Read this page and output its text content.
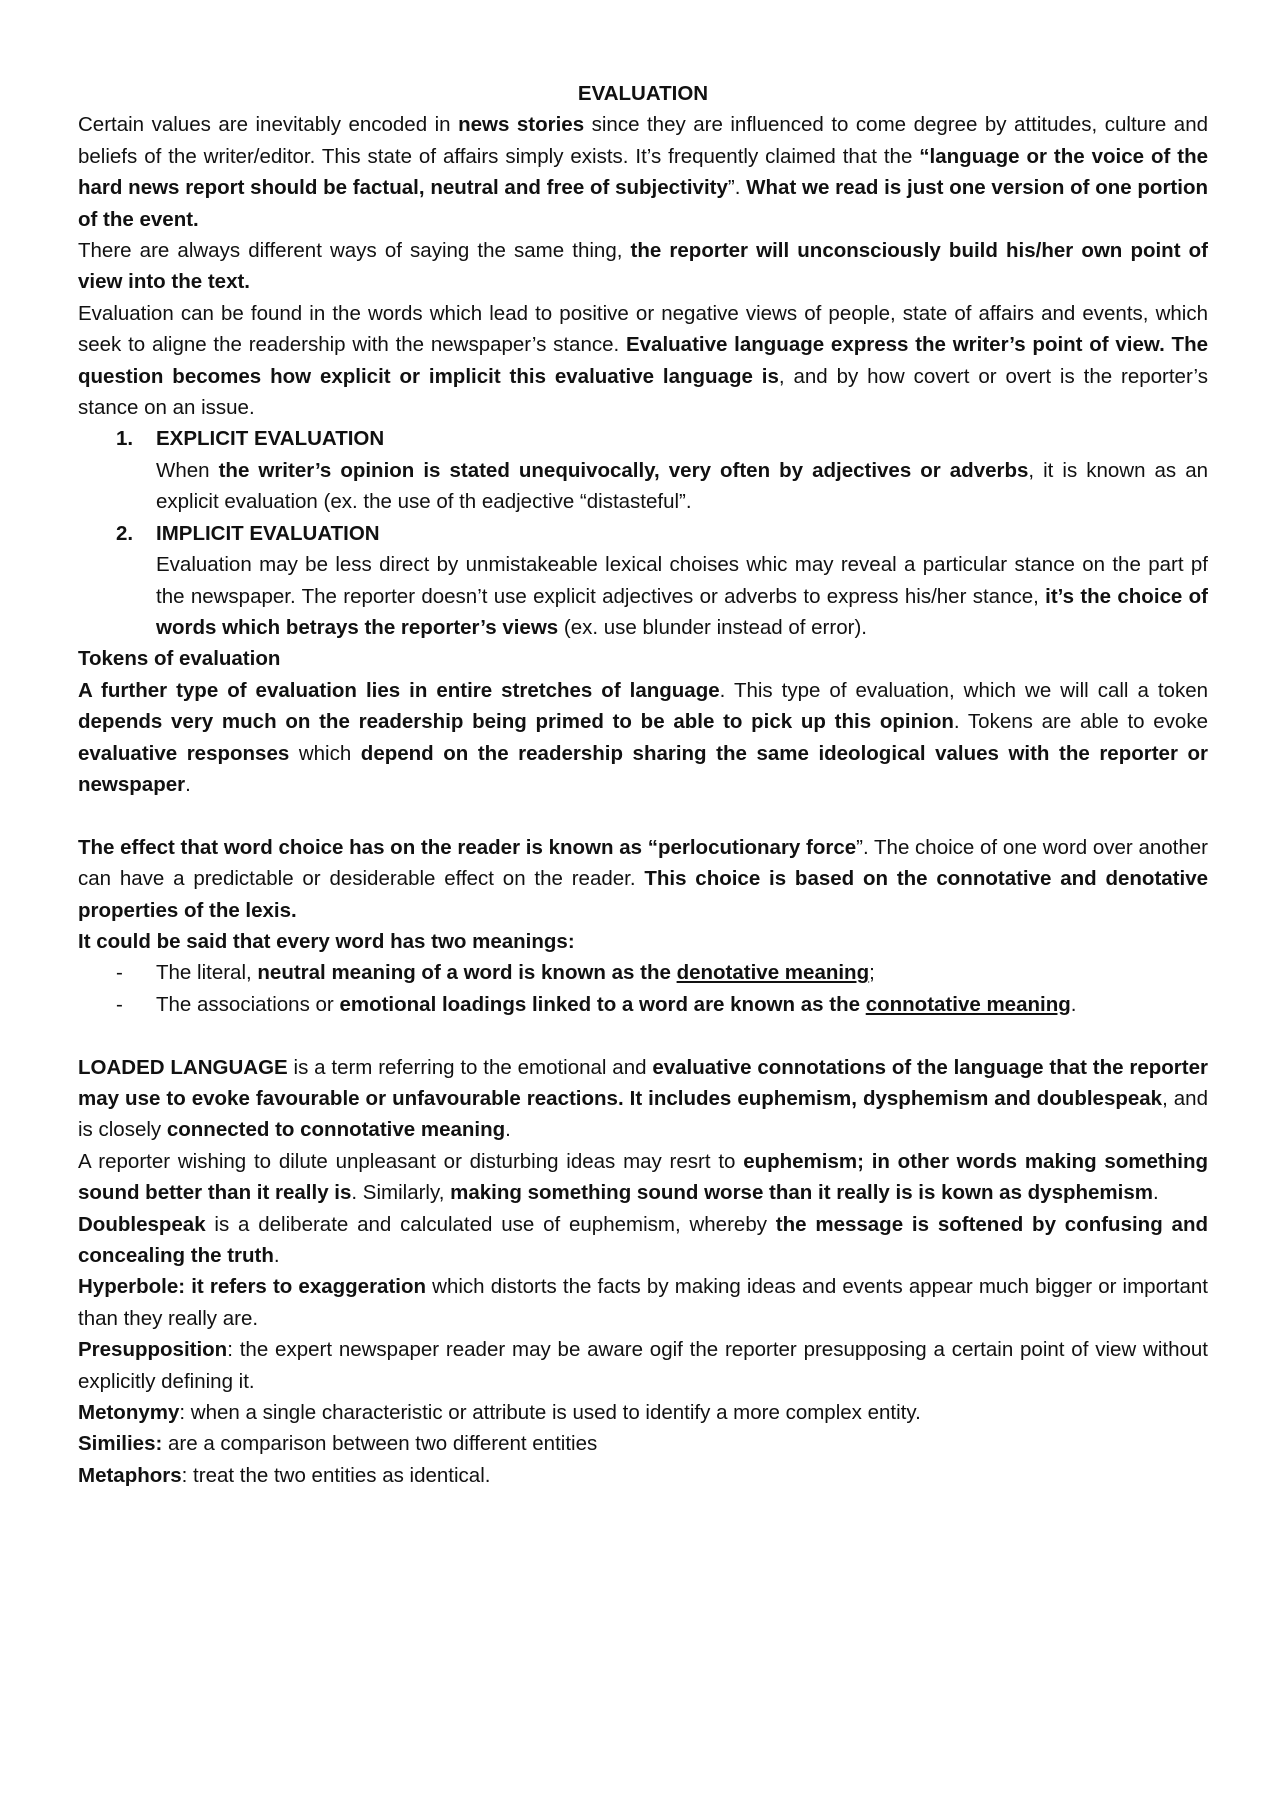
EVALUATION

Certain values are inevitably encoded in news stories since they are influenced to come degree by attitudes, culture and beliefs of the writer/editor. This state of affairs simply exists. It’s frequently claimed that the “language or the voice of the hard news report should be factual, neutral and free of subjectivity”. What we read is just one version of one portion of the event.

There are always different ways of saying the same thing, the reporter will unconsciously build his/her own point of view into the text.

Evaluation can be found in the words which lead to positive or negative views of people, state of affairs and events, which seek to aligne the readership with the newspaper’s stance. Evaluative language express the writer’s point of view. The question becomes how explicit or implicit this evaluative language is, and by how covert or overt is the reporter’s stance on an issue.

1. EXPLICIT EVALUATION
When the writer’s opinion is stated unequivocally, very often by adjectives or adverbs, it is known as an explicit evaluation (ex. the use of th eadjective “distasteful”.
2. IMPLICIT EVALUATION
Evaluation may be less direct by unmistakeable lexical choises whic may reveal a particular stance on the part pf the newspaper. The reporter doesn’t use explicit adjectives or adverbs to express his/her stance, it’s the choice of words which betrays the reporter’s views (ex. use blunder instead of error).

Tokens of evaluation

A further type of evaluation lies in entire stretches of language. This type of evaluation, which we will call a token depends very much on the readership being primed to be able to pick up this opinion. Tokens are able to evoke evaluative responses which depend on the readership sharing the same ideological values with the reporter or newspaper.

The effect that word choice has on the reader is known as “perlocutionary force”. The choice of one word over another can have a predictable or desiderable effect on the reader. This choice is based on the connotative and denotative properties of the lexis.

It could be said that every word has two meanings:

- The literal, neutral meaning of a word is known as the denotative meaning;
- The associations or emotional loadings linked to a word are known as the connotative meaning.

LOADED LANGUAGE is a term referring to the emotional and evaluative connotations of the language that the reporter may use to evoke favourable or unfavourable reactions. It includes euphemism, dysphemism and doublespeak, and is closely connected to connotative meaning.

A reporter wishing to dilute unpleasant or disturbing ideas may resrt to euphemism; in other words making something sound better than it really is. Similarly, making something sound worse than it really is is kown as dysphemism.

Doublespeak is a deliberate and calculated use of euphemism, whereby the message is softened by confusing and concealing the truth.

Hyperbole: it refers to exaggeration which distorts the facts by making ideas and events appear much bigger or important than they really are.

Presupposition: the expert newspaper reader may be aware ogif the reporter presupposing a certain point of view without explicitly defining it.

Metonymy: when a single characteristic or attribute is used to identify a more complex entity.

Similies: are a comparison between two different entities

Metaphors: treat the two entities as identical.
